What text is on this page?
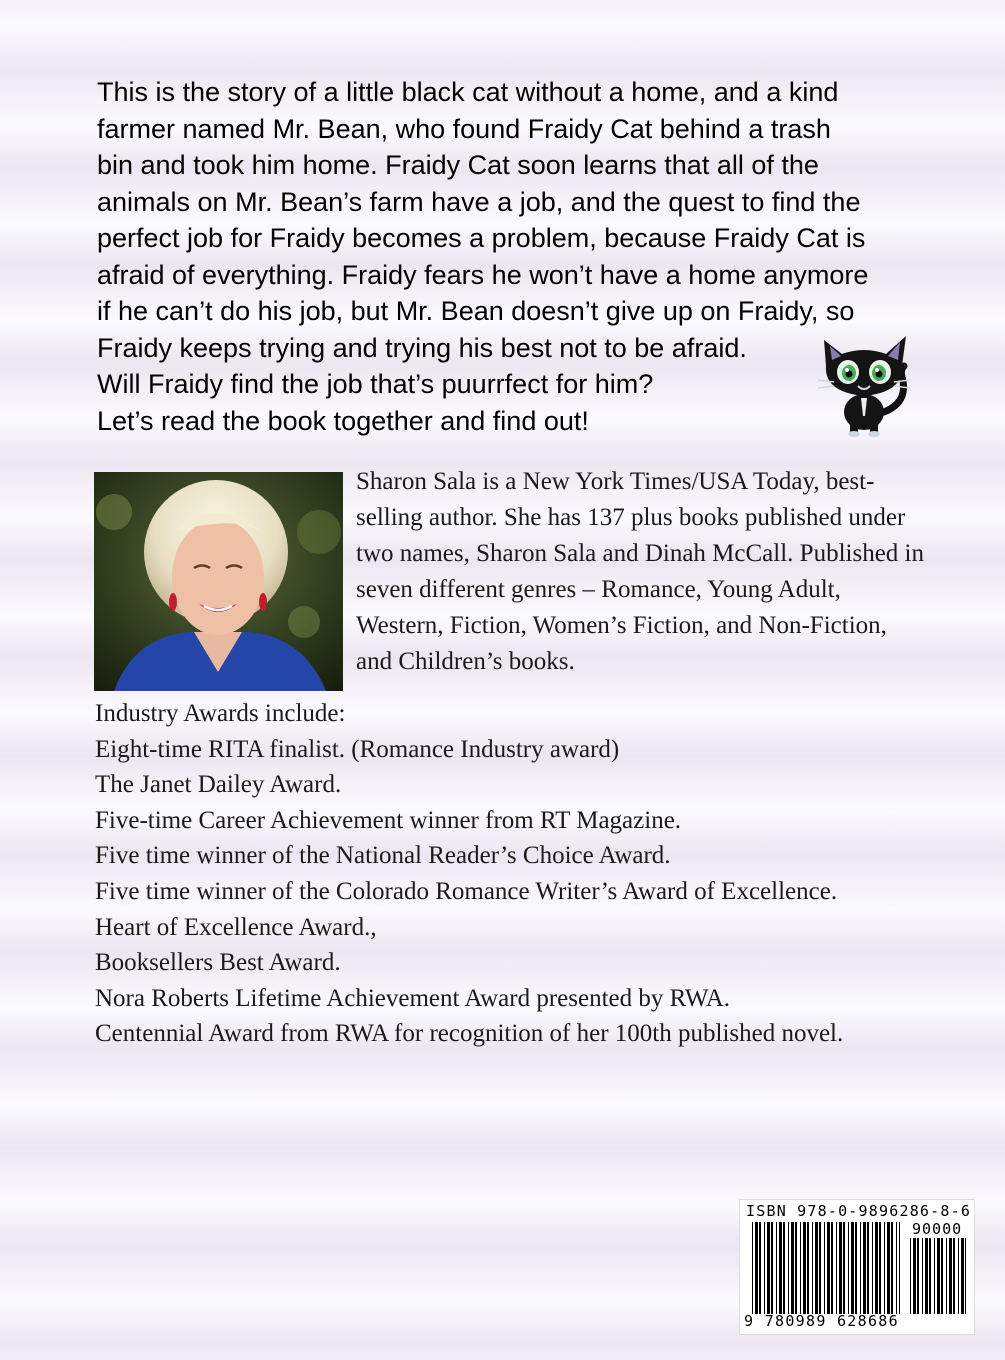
This is the story of a little black cat without a home, and a kind
farmer named Mr. Bean, who found Fraidy Cat behind a trash
bin and took him home. Fraidy Cat soon learns that all of the
animals on Mr. Bean’s farm have a job, and the quest to find the
perfect job for Fraidy becomes a problem, because Fraidy Cat is
afraid of everything. Fraidy fears he won’t have a home anymore
if he can’t do his job, but Mr. Bean doesn’t give up on Fraidy, so
Fraidy keeps trying and trying his best not to be afraid.
Will Fraidy find the job that’s puurrfect for him?
Let’s read the book together and find out!
Sharon Sala is a New York Times/USA Today, best-
selling author. She has 137 plus books published under
two names, Sharon Sala and Dinah McCall. Published in
seven different genres – Romance, Young Adult,
Western, Fiction, Women’s Fiction, and Non-Fiction,
and Children’s books.
Industry Awards include:
Eight-time RITA finalist. (Romance Industry award)
The Janet Dailey Award.
Five-time Career Achievement winner from RT Magazine.
Five time winner of the National Reader’s Choice Award.
Five time winner of the Colorado Romance Writer’s Award of Excellence.
Heart of Excellence Award.,
Booksellers Best Award.
Nora Roberts Lifetime Achievement Award presented by RWA.
Centennial Award from RWA for recognition of her 100th published novel.
ISBN 978-0-9896286-8-6
90000
9 780989 628686
